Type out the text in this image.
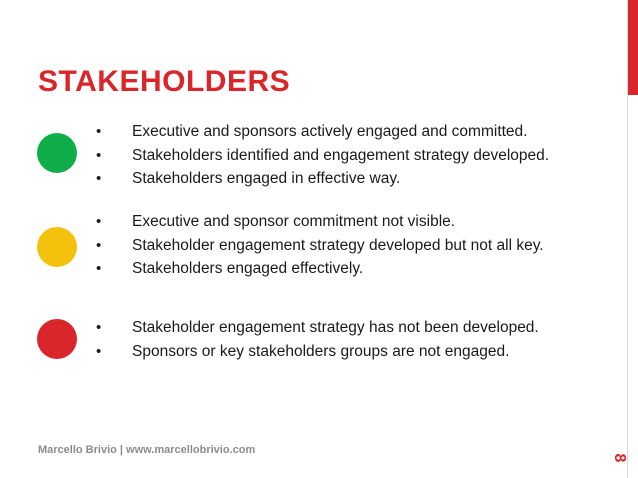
STAKEHOLDERS
• Executive and sponsors actively engaged and committed.
• Stakeholders identified and engagement strategy developed.
• Stakeholders engaged in effective way.
• Executive and sponsor commitment not visible.
• Stakeholder engagement strategy developed but not all key.
• Stakeholders engaged effectively.
• Stakeholder engagement strategy has not been developed.
• Sponsors or key stakeholders groups are not engaged.
Marcello Brivio | www.marcellobrivio.com
8
